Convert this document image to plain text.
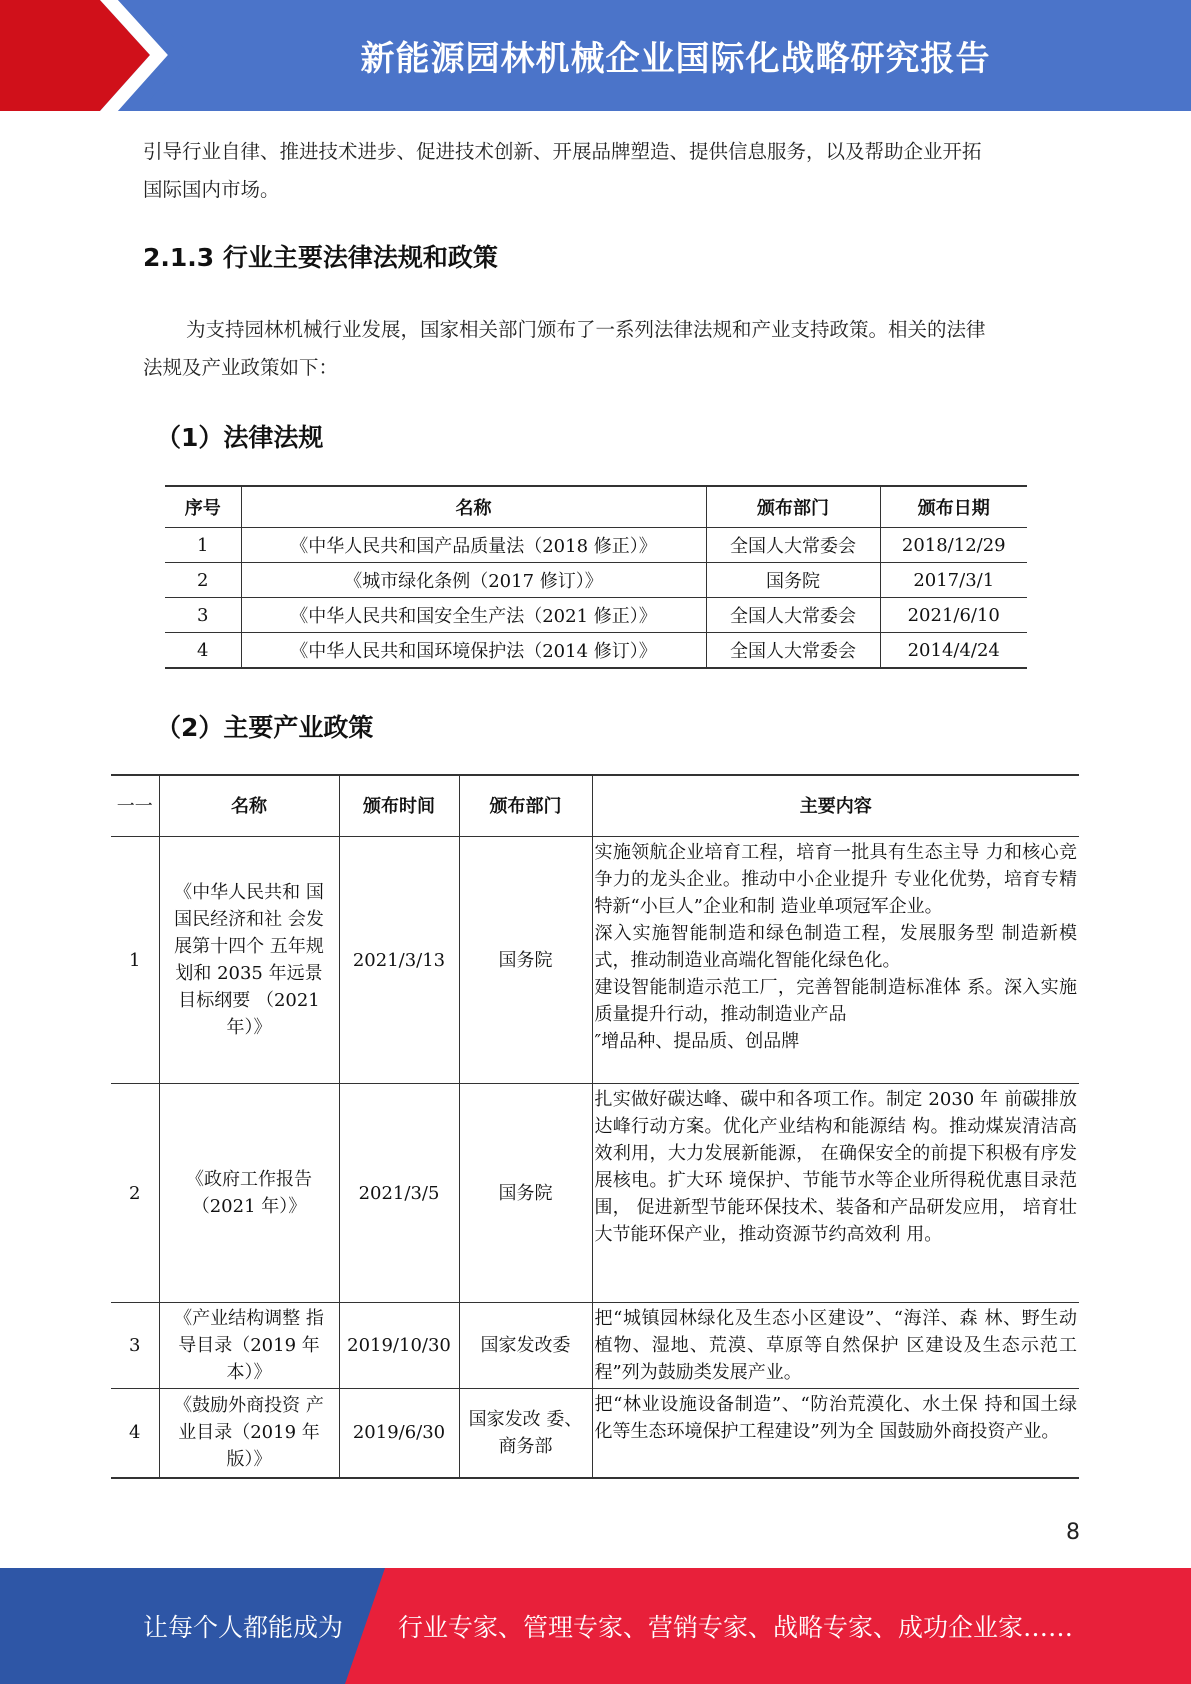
新能源园林机械企业国际化战略研究报告
引导行业自律、推进技术进步、促进技术创新、开展品牌塑造、提供信息服务，以及帮助企业开拓
国际国内市场。
2.1.3 行业主要法律法规和政策
为支持园林机械行业发展，国家相关部门颁布了一系列法律法规和产业支持政策。相关的法律
法规及产业政策如下：
（1）法律法规
序号	名称	颁布部门	颁布日期
1	《中华人民共和国产品质量法（2018 修正）》	全国人大常委会	2018/12/29
2	《城市绿化条例（2017 修订）》	国务院	2017/3/1
3	《中华人民共和国安全生产法（2021 修正）》	全国人大常委会	2021/6/10
4	《中华人民共和国环境保护法（2014 修订）》	全国人大常委会	2014/4/24
（2）主要产业政策
一一	名称	颁布时间	颁布部门	主要内容
1	《中华人民共和 国国民经济和社 会发展第十四个 五年规划和 2035 年远景目标纲要 （2021 年）》	2021/3/13	国务院	实施领航企业培育工程，培育一批具有生态主导 力和核心竞争力的龙头企业。推动中小企业提升 专业化优势，培育专精特新“小巨人”企业和制 造业单项冠军企业。
深入实施智能制造和绿色制造工程，发展服务型 制造新模式，推动制造业高端化智能化绿色化。
建设智能制造示范工厂，完善智能制造标准体 系。深入实施质量提升行动，推动制造业产品
″增品种、提品质、创品牌

2	《政府工作报告（2021 年）》	2021/3/5	国务院	扎实做好碳达峰、碳中和各项工作。制定 2030 年 前碳排放达峰行动方案。优化产业结构和能源结 构。推动煤炭清洁高效利用，大力发展新能源， 在确保安全的前提下积极有序发展核电。扩大环 境保护、节能节水等企业所得税优惠目录范围， 促进新型节能环保技术、装备和产品研发应用， 培育壮大节能环保产业，推动资源节约高效利 用。

3	《产业结构调整 指导目录（2019 年本）》	2019/10/30	国家发改委	把“城镇园林绿化及生态小区建设”、“海洋、森 林、野生动植物、湿地、荒漠、草原等自然保护 区建设及生态示范工程”列为鼓励类发展产业。

4	《鼓励外商投资 产业目录（2019 年版）》	2019/6/30	国家发改 委、商务部	把“林业设施设备制造”、“防治荒漠化、水土保 持和国土绿化等生态环境保护工程建设”列为全 国鼓励外商投资产业。
8
让每个人都能成为 行业专家、管理专家、营销专家、战略专家、成功企业家……
